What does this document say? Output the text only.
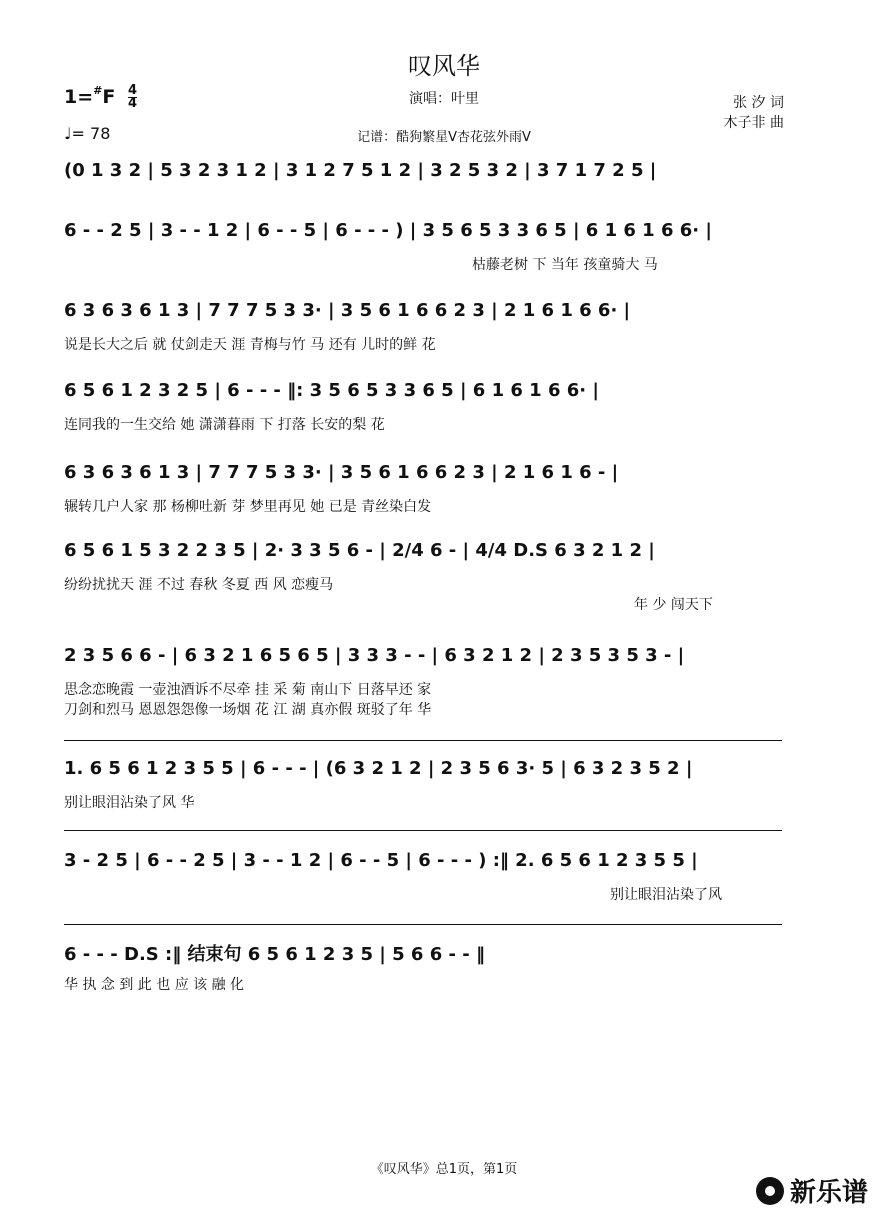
叹风华
演唱：叶里
记谱：酷狗繁星V杏花弦外雨V
$1=^{\#}F \frac{4}{4}$
♩= 78
张 汐 词
木子非 曲
(0 1 3 2 | 5 3 2 3 1 2 | 3 1 2 7 5 1 2 | 3 2 5 3 2 | 3 7 1 7 2 5 |
6 - - 2 5 | 3 - - 1 2 | 6 - - 5 | 6 - - - ) | 3 5 6 5 3 3 6 5 | 6 1 6 1 6 6· |
枯藤老树 下 当年 孩童骑大 马
6 3 6 3 6 1 3 | 7 7 7 5 3 3· | 3 5 6 1 6 6 2 3 | 2 1 6 1 6 6· |
说是长大之后 就 仗剑走天 涯 青梅与竹 马 还有 儿时的鲜 花
6 5 6 1 2 3 2 5 | 6 - - - ‖: 3 5 6 5 3 3 6 5 | 6 1 6 1 6 6· |
连同我的一生交给 她 潇潇暮雨 下 打落 长安的梨 花
6 3 6 3 6 1 3 | 7 7 7 5 3 3· | 3 5 6 1 6 6 2 3 | 2 1 6 1 6 - |
辗转几户人家 那 杨柳吐新 芽 梦里再见 她 已是 青丝染白发
6 5 6 1 5 3 2 2 3 5 | 2· 3 3 5 6 - | 2/4 6 - | 4/4 D.S 6 3 2 1 2 |
纷纷扰扰天 涯 不过 春秋 冬夏 西 风 恋瘦马
年 少 闯天下
2 3 5 6 6 - | 6 3 2 1 6 5 6 5 | 3 3 3 - - | 6 3 2 1 2 | 2 3 5 3 5 3 - |
思念恋晚霞 一壶浊酒诉不尽牵 挂 采 菊 南山下 日落早还 家
刀剑和烈马 恩恩怨怨像一场烟 花 江 湖 真亦假 斑驳了年 华
1. 6 5 6 1 2 3 5 5 | 6 - - - | (6 3 2 1 2 | 2 3 5 6 3· 5 | 6 3 2 3 5 2 |
别让眼泪沾染了风 华
3 - 2 5 | 6 - - 2 5 | 3 - - 1 2 | 6 - - 5 | 6 - - - ) :‖ 2. 6 5 6 1 2 3 5 5 |
别让眼泪沾染了风
6 - - - D.S :‖ 结束句 6 5 6 1 2 3 5 | 5 6 6 - - ‖
华 执 念 到 此 也 应 该 融 化
《叹风华》总1页，第1页
新乐谱
